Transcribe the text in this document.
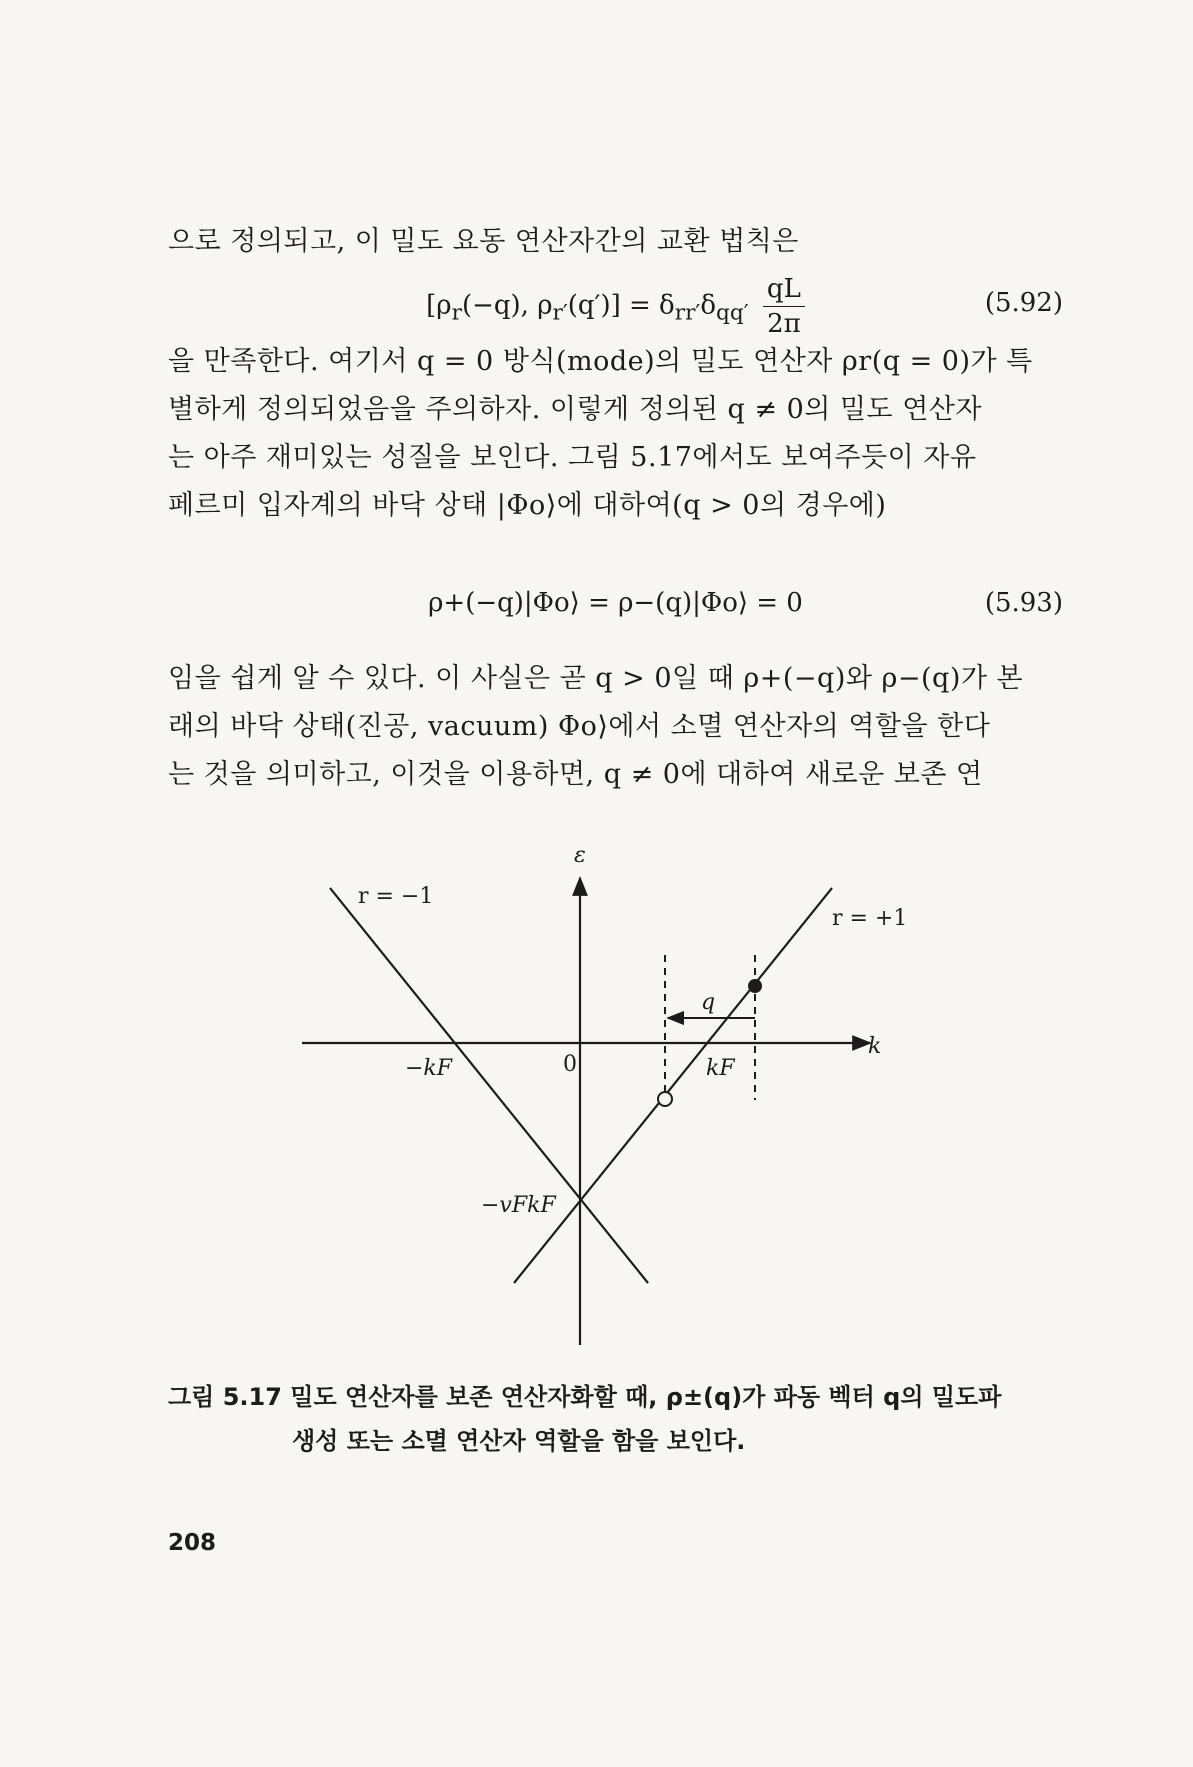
으로 정의되고, 이 밀도 요동 연산자간의 교환 법칙은
[$\rho_r(-q)$, $\rho_{r'}(q')] = \delta_{rr'}\delta_{qq'} \frac{qL}{2\pi}$	(5.92)
을 만족한다. 여기서 q = 0 방식(mode)의 밀도 연산자 ρr(q = 0)가 특
별하게 정의되었음을 주의하자. 이렇게 정의된 q ≠ 0의 밀도 연산자
는 아주 재미있는 성질을 보인다. 그림 5.17에서도 보여주듯이 자유
페르미 입자계의 바닥 상태 |Φo⟩에 대하여(q > 0의 경우에)
ρ+(−q)|Φo⟩ = ρ−(q)|Φo⟩ = 0	(5.93)
임을 쉽게 알 수 있다. 이 사실은 곧 q > 0일 때 ρ+(−q)와 ρ−(q)가 본
래의 바닥 상태(진공, vacuum) Φo⟩에서 소멸 연산자의 역할을 한다
는 것을 의미하고, 이것을 이용하면, q ≠ 0에 대하여 새로운 보존 연
ε
r = −1
r = +1
q
k
−kF	0	kF
−vFkF
그림 5.17 밀도 연산자를 보존 연산자화할 때, ρ±(q)가 파동 벡터 q의 밀도파
생성 또는 소멸 연산자 역할을 함을 보인다.
208
